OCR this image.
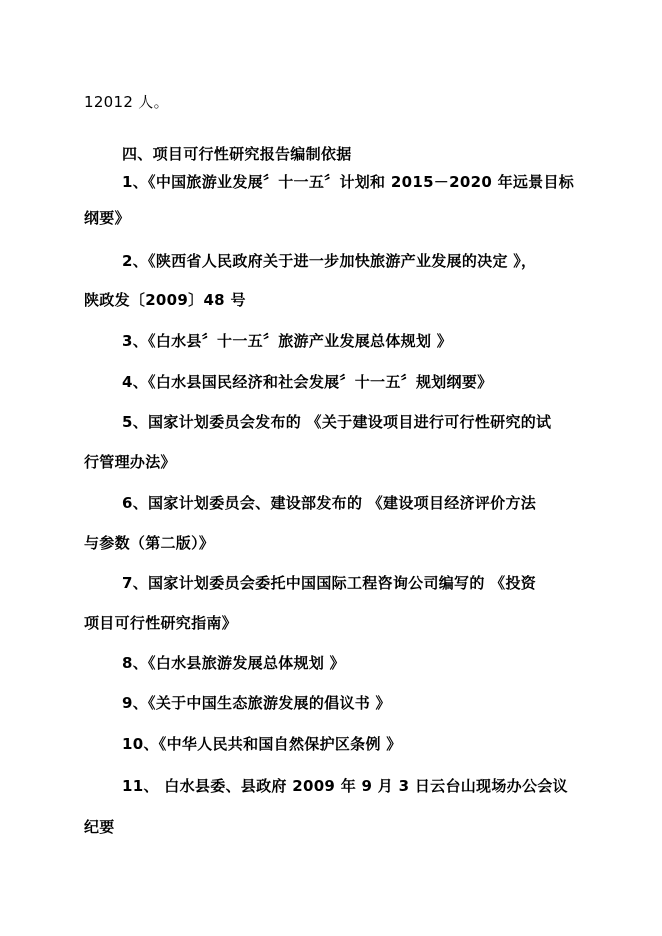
12012 人。
四、项目可行性研究报告编制依据
1、《中国旅游业发展〞十一五〞计划和 2015－2020 年远景目标
纲要》
2、《陕西省人民政府关于进一步加快旅游产业发展的决定 》，
陕政发〔2009〕48 号
3、《白水县〞十一五〞旅游产业发展总体规划 》
4、《白水县国民经济和社会发展〞十一五〞规划纲要》
5、国家计划委员会发布的 《关于建设项目进行可行性研究的试
行管理办法》
6、国家计划委员会、建设部发布的 《建设项目经济评价方法
与参数（第二版）》
7、国家计划委员会委托中国国际工程咨询公司编写的 《投资
项目可行性研究指南》
8、《白水县旅游发展总体规划 》
9、《关于中国生态旅游发展的倡议书 》
10、《中华人民共和国自然保护区条例 》
11、 白水县委、县政府 2009 年 9 月 3 日云台山现场办公会议
纪要
